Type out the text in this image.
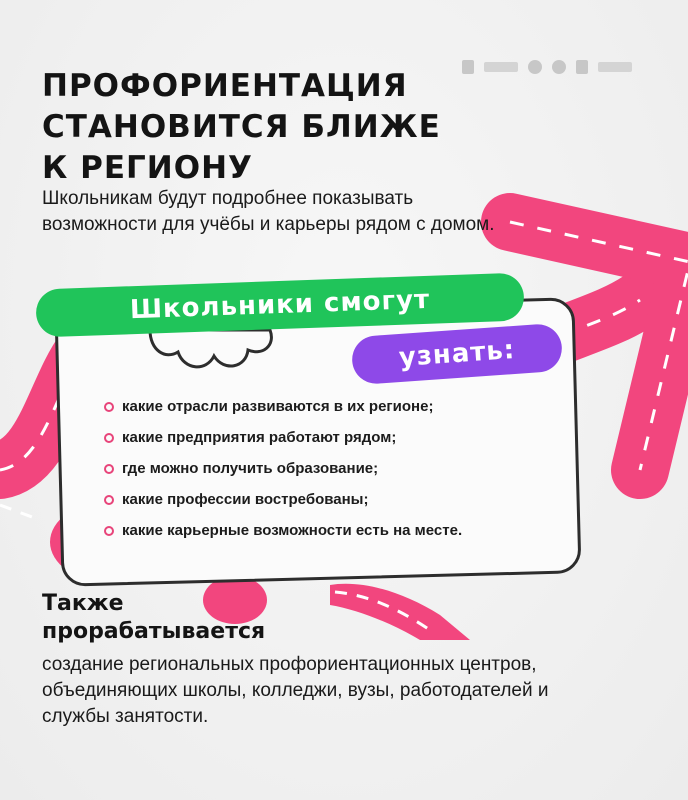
ПРОФОРИЕНТАЦИЯ
СТАНОВИТСЯ БЛИЖЕ
К РЕГИОНУ

Школьникам будут подробнее показывать возможности для учёбы и карьеры рядом с домом.

Школьники смогут
узнать:
какие отрасли развиваются в их регионе;
какие предприятия работают рядом;
где можно получить образование;
какие профессии востребованы;
какие карьерные возможности есть на месте.
Также
прорабатывается

создание региональных профориентационных центров, объединяющих школы, колледжи, вузы, работодателей и службы занятости.
